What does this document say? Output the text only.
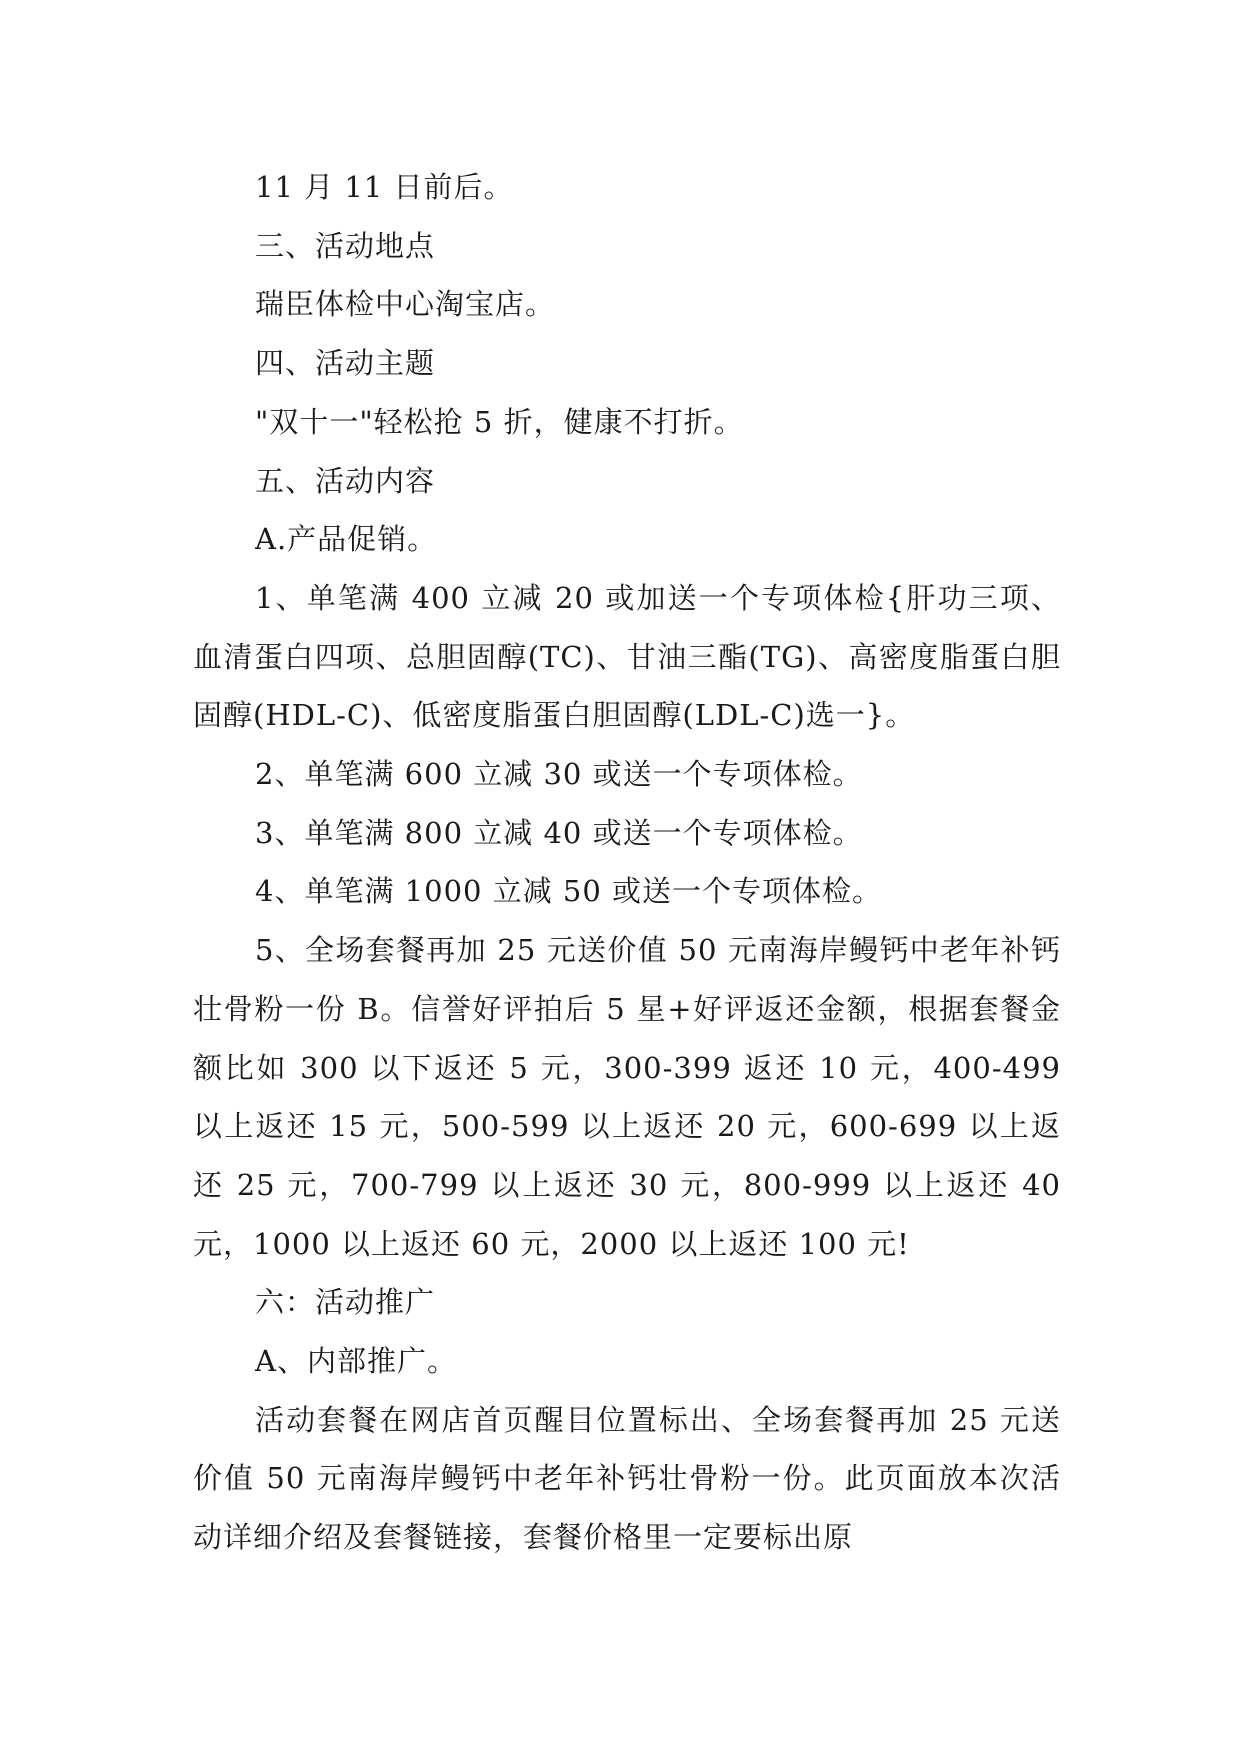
11 月 11 日前后。

三、活动地点

瑞臣体检中心淘宝店。

四、活动主题

"双十一"轻松抢 5 折，健康不打折。

五、活动内容

A.产品促销。

1、单笔满 400 立减 20 或加送一个专项体检{肝功三项、血清蛋白四项、总胆固醇(TC)、甘油三酯(TG)、高密度脂蛋白胆固醇(HDL-C)、低密度脂蛋白胆固醇(LDL-C)选一}。

2、单笔满 600 立减 30 或送一个专项体检。

3、单笔满 800 立减 40 或送一个专项体检。

4、单笔满 1000 立减 50 或送一个专项体检。

5、全场套餐再加 25 元送价值 50 元南海岸鳗钙中老年补钙壮骨粉一份 B。信誉好评拍后 5 星+好评返还金额，根据套餐金额比如 300 以下返还 5 元，300-399 返还 10 元，400-499 以上返还 15 元，500-599 以上返还 20 元，600-699 以上返还 25 元，700-799 以上返还 30 元，800-999 以上返还 40 元，1000 以上返还 60 元，2000 以上返还 100 元!

六：活动推广

A、内部推广。

活动套餐在网店首页醒目位置标出、全场套餐再加 25 元送价值 50 元南海岸鳗钙中老年补钙壮骨粉一份。此页面放本次活动详细介绍及套餐链接，套餐价格里一定要标出原
